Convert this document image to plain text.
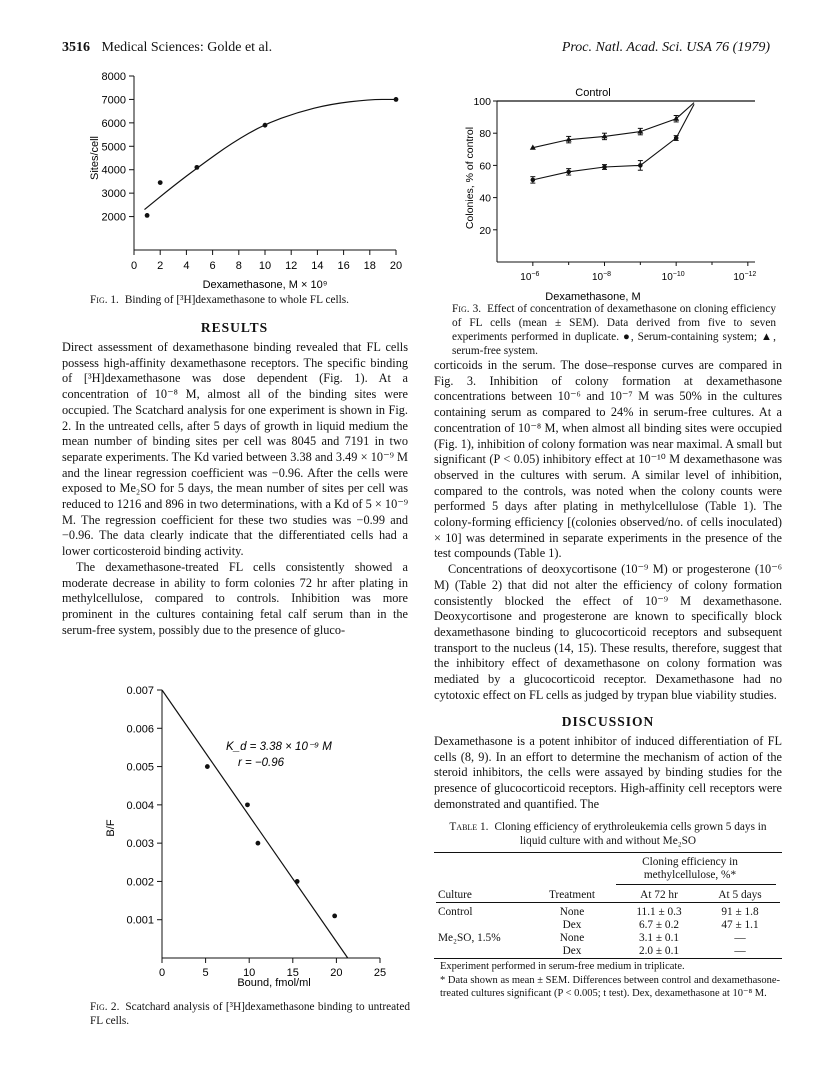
3516 Medical Sciences: Golde et al.	Proc. Natl. Acad. Sci. USA 76 (1979)
0 2 4 6 8 10 12 14 16 18 20
8000
7000
6000
5000
4000
3000
2000
Sites/cell
Dexamethasone, M × 10⁹
Fig. 1. Binding of [³H]dexamethasone to whole FL cells.
RESULTS

Direct assessment of dexamethasone binding revealed that FL cells possess high-affinity dexamethasone receptors. The specific binding of [³H]dexamethasone was dose dependent (Fig. 1). At a concentration of 10⁻⁸ M, almost all of the binding sites were occupied. The Scatchard analysis for one experiment is shown in Fig. 2. In the untreated cells, after 5 days of growth in liquid medium the mean number of binding sites per cell was 8045 and 7191 in two separate experiments. The Kd varied between 3.38 and 3.49 × 10⁻⁹ M and the linear regression coefficient was −0.96. After the cells were exposed to Me₂SO for 5 days, the mean number of sites per cell was reduced to 1216 and 896 in two determinations, with a Kd of 5 × 10⁻⁹ M. The regression coefficient for these two studies was −0.99 and −0.96. The data clearly indicate that the differentiated cells had a lower corticosteroid binding activity.

The dexamethasone-treated FL cells consistently showed a moderate decrease in ability to form colonies 72 hr after plating in methylcellulose, compared to controls. Inhibition was more prominent in the cultures containing fetal calf serum than in the serum-free system, possibly due to the presence of gluco-

0	5	10	15	20	25
0.007
0.006
0.005
0.004
0.003
0.002
0.001
K_d = 3.38 × 10⁻⁹ M
r = −0.96
B/F
Bound, fmol/ml
Fig. 2. Scatchard analysis of [³H]dexamethasone binding to untreated FL cells.
$10^{-6}$	$10^{-8}$	$10^{-10}$	$10^{-12}$
100
80
60
40
20
Control
Colonies, % of control
Dexamethasone, M
Fig. 3. Effect of concentration of dexamethasone on cloning efficiency of FL cells (mean ± SEM). Data derived from five to seven experiments performed in duplicate. ●, Serum-containing system; ▲, serum-free system.

corticoids in the serum. The dose–response curves are compared in Fig. 3. Inhibition of colony formation at dexamethasone concentrations between 10⁻⁶ and 10⁻⁷ M was 50% in the cultures containing serum as compared to 24% in serum-free cultures. At a concentration of 10⁻⁸ M, when almost all binding sites were occupied (Fig. 1), inhibition of colony formation was near maximal. A small but significant (P < 0.05) inhibitory effect at 10⁻¹⁰ M dexamethasone was observed in the cultures with serum. A similar level of inhibition, compared to the controls, was noted when the colony counts were performed 5 days after plating in methylcellulose (Table 1). The colony-forming efficiency [(colonies observed/no. of cells inoculated) × 10] was determined in separate experiments in the presence of the test compounds (Table 1).

Concentrations of deoxycortisone (10⁻⁹ M) or progesterone (10⁻⁶ M) (Table 2) that did not alter the efficiency of colony formation consistently blocked the effect of 10⁻⁹ M dexamethasone. Deoxycortisone and progesterone are known to specifically block dexamethasone binding to glucocorticoid receptors and subsequent transport to the nucleus (14, 15). These results, therefore, suggest that the inhibitory effect of dexamethasone on colony formation was mediated by a glucocorticoid receptor. Dexamethasone had no cytotoxic effect on FL cells as judged by trypan blue viability studies.

DISCUSSION

Dexamethasone is a potent inhibitor of induced differentiation of FL cells (8, 9). In an effort to determine the mechanism of action of the steroid inhibitors, the cells were assayed by binding studies for the presence of glucocorticoid receptors. High-affinity cell receptors were demonstrated and quantified. The

Table 1. Cloning efficiency of erythroleukemia cells grown 5 days in liquid culture with and without Me₂SO
Cloning efficiency in methylcellulose, %*
Culture	Treatment	At 72 hr	At 5 days

Control	None	11.1 ± 0.3	91 ± 1.8
	Dex	6.7 ± 0.2	47 ± 1.1
Me₂SO, 1.5%	None	3.1 ± 0.1	—
	Dex	2.0 ± 0.1	—
Experiment performed in serum-free medium in triplicate.
* Data shown as mean ± SEM. Differences between control and dexamethasone-treated cultures significant (P < 0.005; t test). Dex, dexamethasone at 10⁻⁸ M.
